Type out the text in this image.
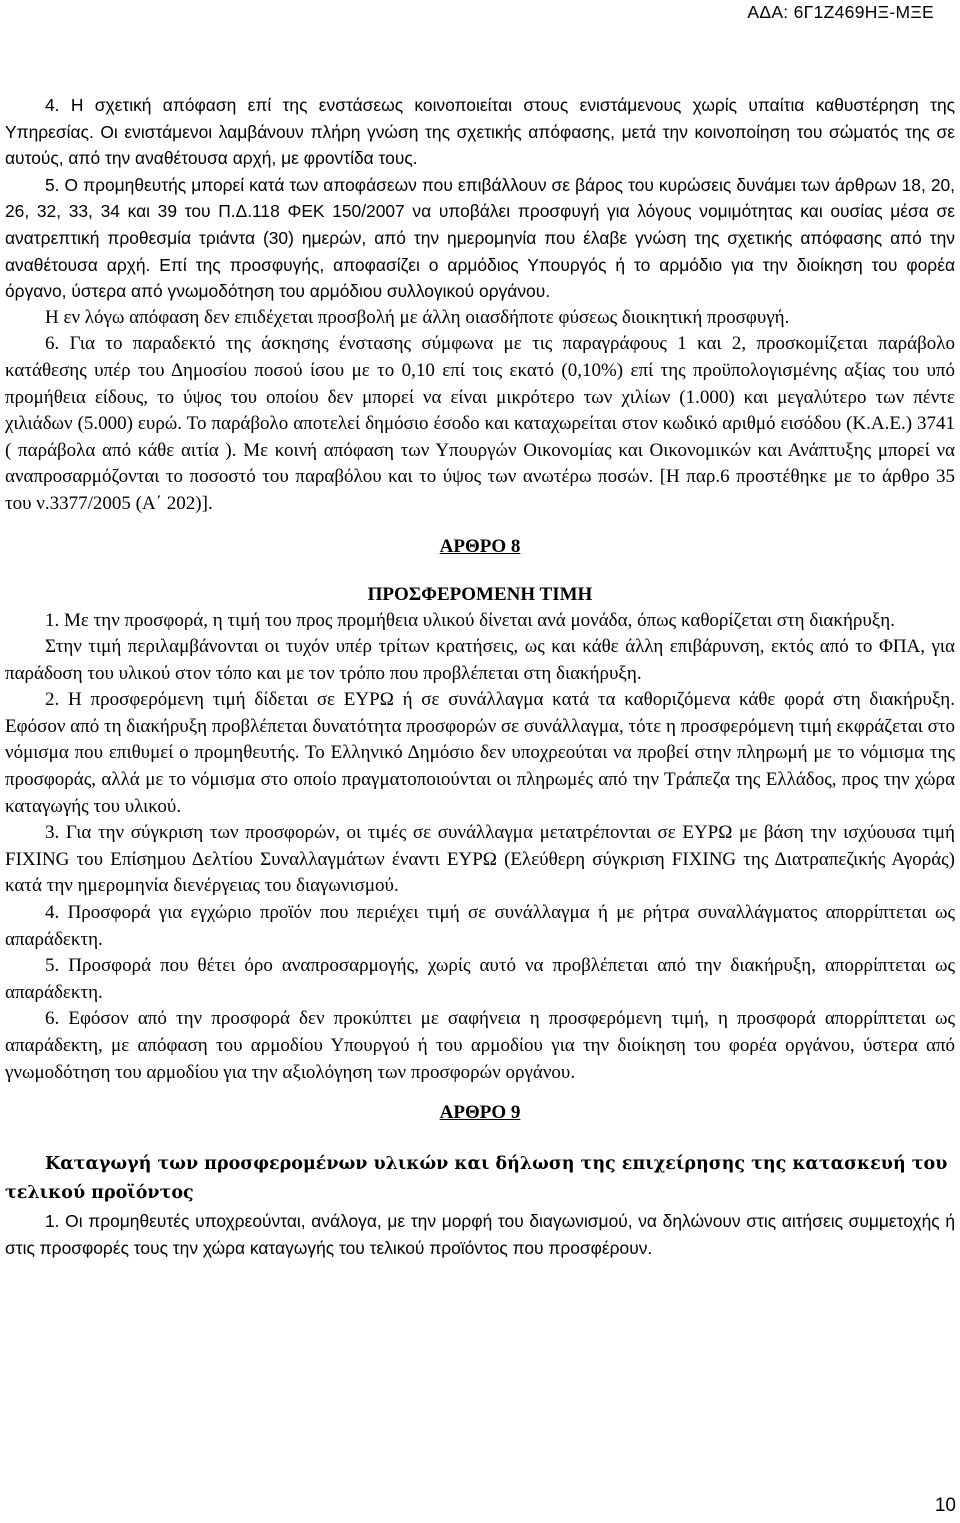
ΑΔΑ: 6Γ1Ζ469ΗΞ-ΜΞΕ

4. Η σχετική απόφαση επί της ενστάσεως κοινοποιείται στους ενιστάμενους χωρίς υπαίτια καθυστέρηση της Υπηρεσίας. Οι ενιστάμενοι λαμβάνουν πλήρη γνώση της σχετικής απόφασης, μετά την κοινοποίηση του σώματός της σε αυτούς, από την αναθέτουσα αρχή, με φροντίδα τους.

5. Ο προμηθευτής μπορεί κατά των αποφάσεων που επιβάλλουν σε βάρος του κυρώσεις δυνάμει των άρθρων 18, 20, 26, 32, 33, 34 και 39 του Π.Δ.118 ΦΕΚ 150/2007 να υποβάλει προσφυγή για λόγους νομιμότητας και ουσίας μέσα σε ανατρεπτική προθεσμία τριάντα (30) ημερών, από την ημερομηνία που έλαβε γνώση της σχετικής απόφασης από την αναθέτουσα αρχή. Επί της προσφυγής, αποφασίζει ο αρμόδιος Υπουργός ή το αρμόδιο για την διοίκηση του φορέα όργανο, ύστερα από γνωμοδότηση του αρμόδιου συλλογικού οργάνου.

Η εν λόγω απόφαση δεν επιδέχεται προσβολή με άλλη οιασδήποτε φύσεως διοικητική προσφυγή.

6. Για το παραδεκτό της άσκησης ένστασης σύμφωνα με τις παραγράφους 1 και 2, προσκομίζεται παράβολο κατάθεσης υπέρ του Δημοσίου ποσού ίσου με το 0,10 επί τοις εκατό (0,10%) επί της προϋπολογισμένης αξίας του υπό προμήθεια είδους, το ύψος του οποίου δεν μπορεί να είναι μικρότερο των χιλίων (1.000) και μεγαλύτερο των πέντε χιλιάδων (5.000) ευρώ. Το παράβολο αποτελεί δημόσιο έσοδο και καταχωρείται στον κωδικό αριθμό εισόδου (Κ.Α.Ε.) 3741 ( παράβολα από κάθε αιτία ). Με κοινή απόφαση των Υπουργών Οικονομίας και Οικονομικών και Ανάπτυξης μπορεί να αναπροσαρμόζονται το ποσοστό του παραβόλου και το ύψος των ανωτέρω ποσών. [Η παρ.6 προστέθηκε με το άρθρο 35 του ν.3377/2005 (Α΄ 202)].

ΑΡΘΡΟ 8

ΠΡΟΣΦΕΡΟΜΕΝΗ ΤΙΜΗ

1. Με την προσφορά, η τιμή του προς προμήθεια υλικού δίνεται ανά μονάδα, όπως καθορίζεται στη διακήρυξη.

Στην τιμή περιλαμβάνονται οι τυχόν υπέρ τρίτων κρατήσεις, ως και κάθε άλλη επιβάρυνση, εκτός από το ΦΠΑ, για παράδοση του υλικού στον τόπο και με τον τρόπο που προβλέπεται στη διακήρυξη.

2. Η προσφερόμενη τιμή δίδεται σε ΕΥΡΩ ή σε συνάλλαγμα κατά τα καθοριζόμενα κάθε φορά στη διακήρυξη. Εφόσον από τη διακήρυξη προβλέπεται δυνατότητα προσφορών σε συνάλλαγμα, τότε η προσφερόμενη τιμή εκφράζεται στο νόμισμα που επιθυμεί ο προμηθευτής. Το Ελληνικό Δημόσιο δεν υποχρεούται να προβεί στην πληρωμή με το νόμισμα της προσφοράς, αλλά με το νόμισμα στο οποίο πραγματοποιούνται οι πληρωμές από την Τράπεζα της Ελλάδος, προς την χώρα καταγωγής του υλικού.

3. Για την σύγκριση των προσφορών, οι τιμές σε συνάλλαγμα μετατρέπονται σε ΕΥΡΩ με βάση την ισχύουσα τιμή FIXING του Επίσημου Δελτίου Συναλλαγμάτων έναντι ΕΥΡΩ (Ελεύθερη σύγκριση FIXING της Διατραπεζικής Αγοράς) κατά την ημερομηνία διενέργειας του διαγωνισμού.

4. Προσφορά για εγχώριο προϊόν που περιέχει τιμή σε συνάλλαγμα ή με ρήτρα συναλλάγματος απορρίπτεται ως απαράδεκτη.

5. Προσφορά που θέτει όρο αναπροσαρμογής, χωρίς αυτό να προβλέπεται από την διακήρυξη, απορρίπτεται ως απαράδεκτη.

6. Εφόσον από την προσφορά δεν προκύπτει με σαφήνεια η προσφερόμενη τιμή, η προσφορά απορρίπτεται ως απαράδεκτη, με απόφαση του αρμοδίου Υπουργού ή του αρμοδίου για την διοίκηση του φορέα οργάνου, ύστερα από γνωμοδότηση του αρμοδίου για την αξιολόγηση των προσφορών οργάνου.

ΑΡΘΡΟ 9

Καταγωγή των προσφερομένων υλικών και δήλωση της επιχείρησης της κατασκευή του τελικού προϊόντος

1. Οι προμηθευτές υποχρεούνται, ανάλογα, με την μορφή του διαγωνισμού, να δηλώνουν στις αιτήσεις συμμετοχής ή στις προσφορές τους την χώρα καταγωγής του τελικού προϊόντος που προσφέρουν.

10
